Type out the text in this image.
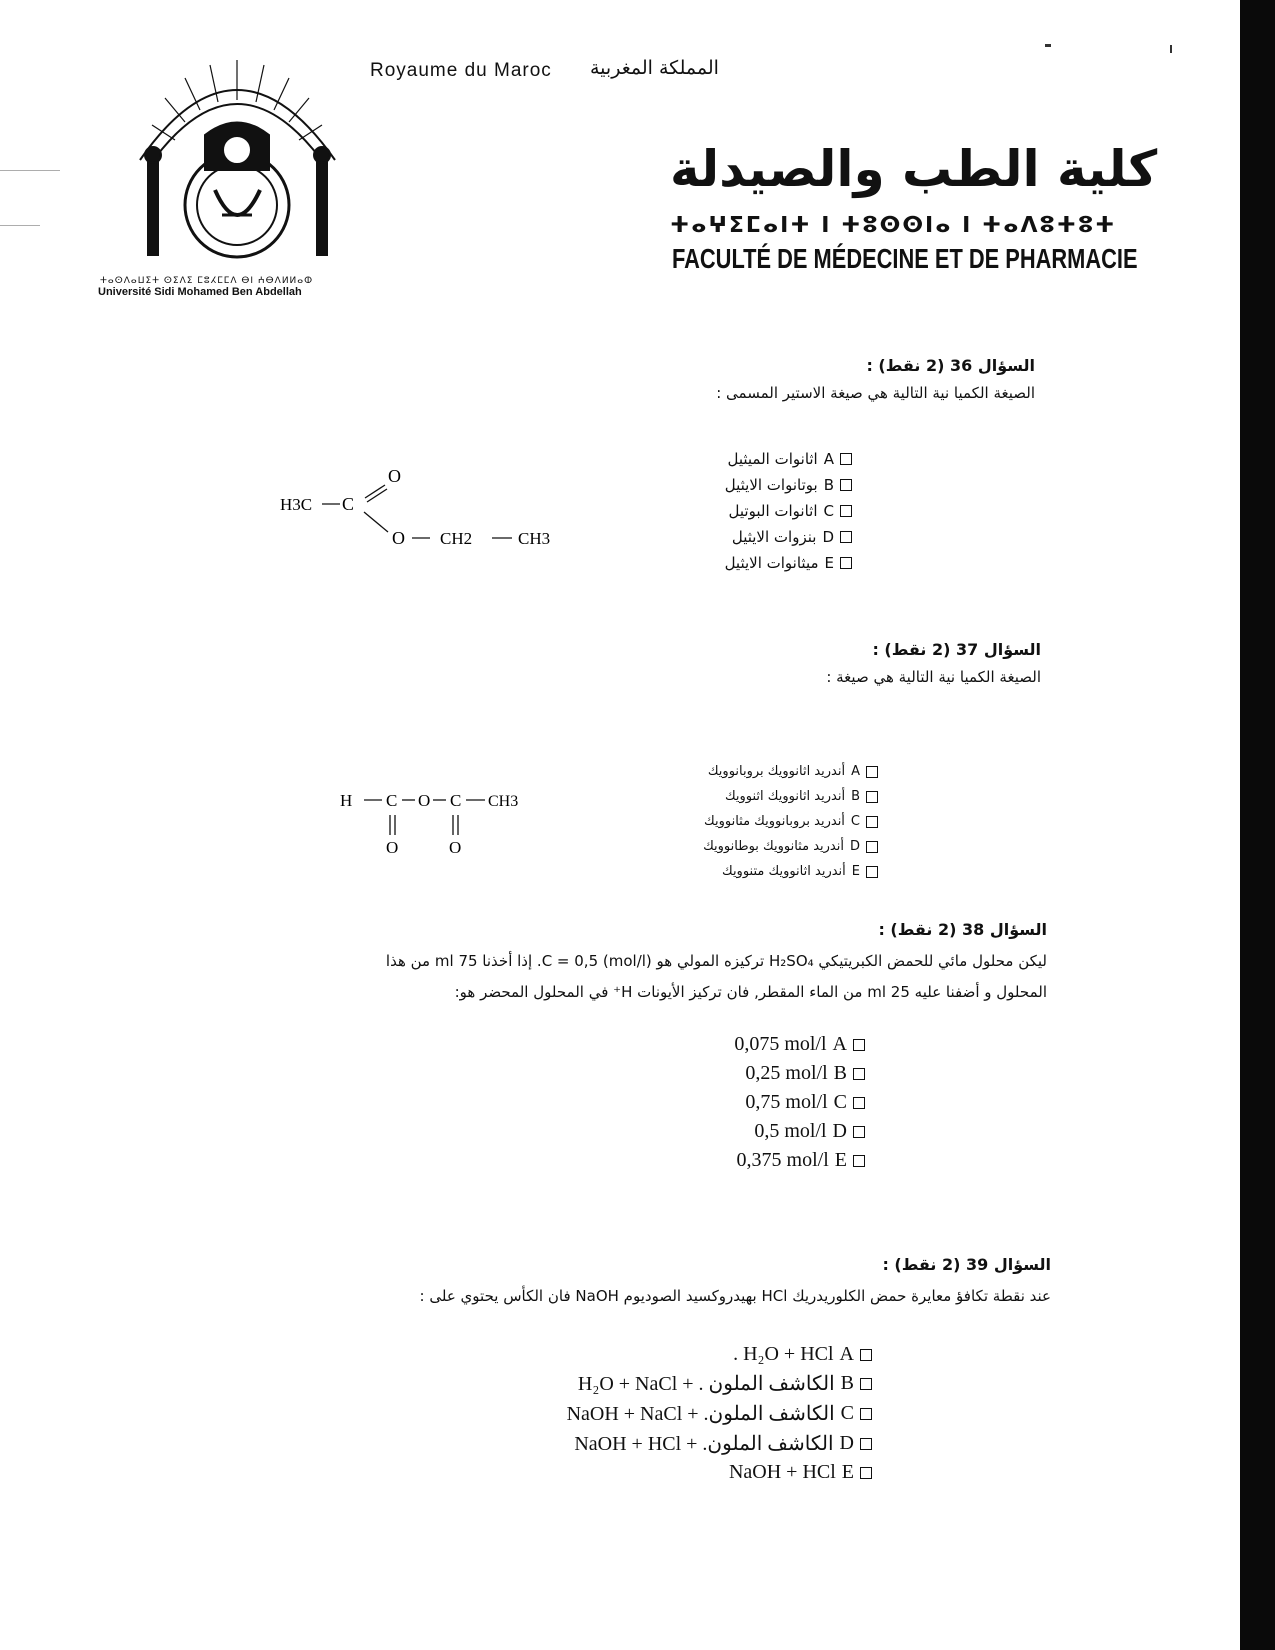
ⵜⴰⵙⴷⴰⵡⵉⵜ ⵙⵉⴷⵉ ⵎⵓⵃⵎⵎⴷ ⴱⵏ ⵄⴱⴷⵍⵍⴰⵀ
Université Sidi Mohamed Ben Abdellah
Royaume du Maroc المملكة المغربية
كلية الطب والصيدلة
ⵜⴰⵖⵉⵎⴰⵏⵜ ⵏ ⵜⵓⵙⵙⵏⴰ ⵏ ⵜⴰⴷⵓⵜⵓⵜ
FACULTÉ DE MÉDECINE ET DE PHARMACIE
السؤال 36 (2 نقط) :
الصيغة الكميا نية التالية هي صيغة الاستير المسمى :
H3C C
O
O CH2	CH3
A
اثانوات الميثيل
B
بوتانوات الايثيل
C
اثانوات البوتيل
D
بنزوات الايثيل
E
ميثانوات الايثيل
السؤال 37 (2 نقط) :
الصيغة الكميا نية التالية هي صيغة :
H C O C CH3
O	O
A
أندريد اثانوويك بروبانوويك
B
أندريد اثانوويك اثنوويك
C
أندريد بروبانوويك مثانوويك
D
أندريد مثانوويك بوطانوويك
E
أندريد اثانوويك متنوويك
السؤال 38 (2 نقط) :
ليكن محلول مائي للحمض الكبريتيكي H₂SO₄ تركيزه المولي هو (C = 0,5 (mol/l. إذا أخذنا 75 ml من هذا
المحلول و أضفنا عليه 25 ml من الماء المقطر, فان تركيز الأيونات H⁺ في المحلول المحضر هو:
0,075 mol/l A
0,25 mol/l B
0,75 mol/l C
0,5 mol/l D
0,375 mol/l E
السؤال 39 (2 نقط) :
عند نقطة تكافؤ معايرة حمض الكلوريدريك HCl بهيدروكسيد الصوديوم NaOH فان الكأس يحتوي على :
. H₂O + HCl A
الكاشف الملون . + H₂O + NaCl B
الكاشف الملون. + NaOH + NaCl C
الكاشف الملون. + NaOH + HCl D
NaOH + HCl E
